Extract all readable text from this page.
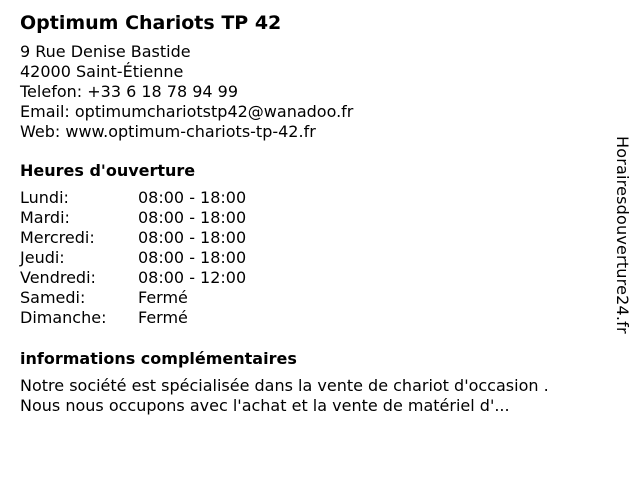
Optimum Chariots TP 42
9 Rue Denise Bastide
42000 Saint-Étienne
Telefon: +33 6 18 78 94 99
Email: optimumchariotstp42@wanadoo.fr
Web: www.optimum-chariots-tp-42.fr
Heures d'ouverture
Lundi:	08:00 - 18:00
Mardi:	08:00 - 18:00
Mercredi:	08:00 - 18:00
Jeudi:	08:00 - 18:00
Vendredi:	08:00 - 12:00
Samedi:	Fermé
Dimanche:	Fermé
informations complémentaires
Notre société est spécialisée dans la vente de chariot d'occasion . Nous nous occupons avec l'achat et la vente de matériel d'...
Horairesdouverture24.fr
